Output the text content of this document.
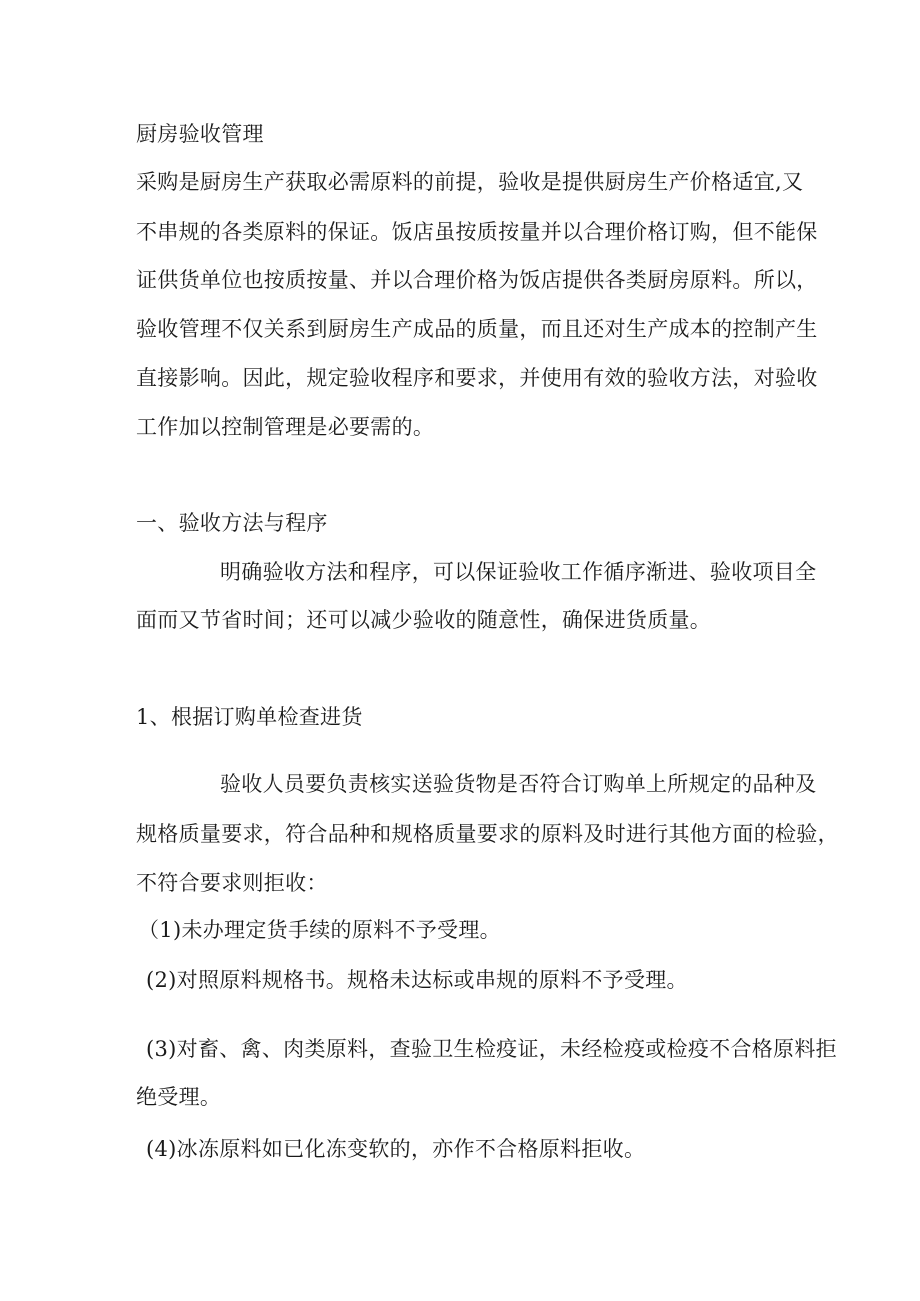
厨房验收管理
采购是厨房生产获取必需原料的前提，验收是提供厨房生产价格适宜,又
不串规的各类原料的保证。饭店虽按质按量并以合理价格订购，但不能保
证供货单位也按质按量、并以合理价格为饭店提供各类厨房原料。所以，
验收管理不仅关系到厨房生产成品的质量，而且还对生产成本的控制产生
直接影响。因此，规定验收程序和要求，并使用有效的验收方法，对验收
工作加以控制管理是必要需的。
一、验收方法与程序
明确验收方法和程序，可以保证验收工作循序渐进、验收项目全
面而又节省时间；还可以减少验收的随意性，确保进货质量。
1、根据订购单检查进货
验收人员要负责核实送验货物是否符合订购单上所规定的品种及
规格质量要求，符合品种和规格质量要求的原料及时进行其他方面的检验，
不符合要求则拒收：
（1)未办理定货手续的原料不予受理。
(2)对照原料规格书。规格未达标或串规的原料不予受理。
(3)对畜、禽、肉类原料，查验卫生检疫证，未经检疫或检疫不合格原料拒
绝受理。
(4)冰冻原料如已化冻变软的，亦作不合格原料拒收。
